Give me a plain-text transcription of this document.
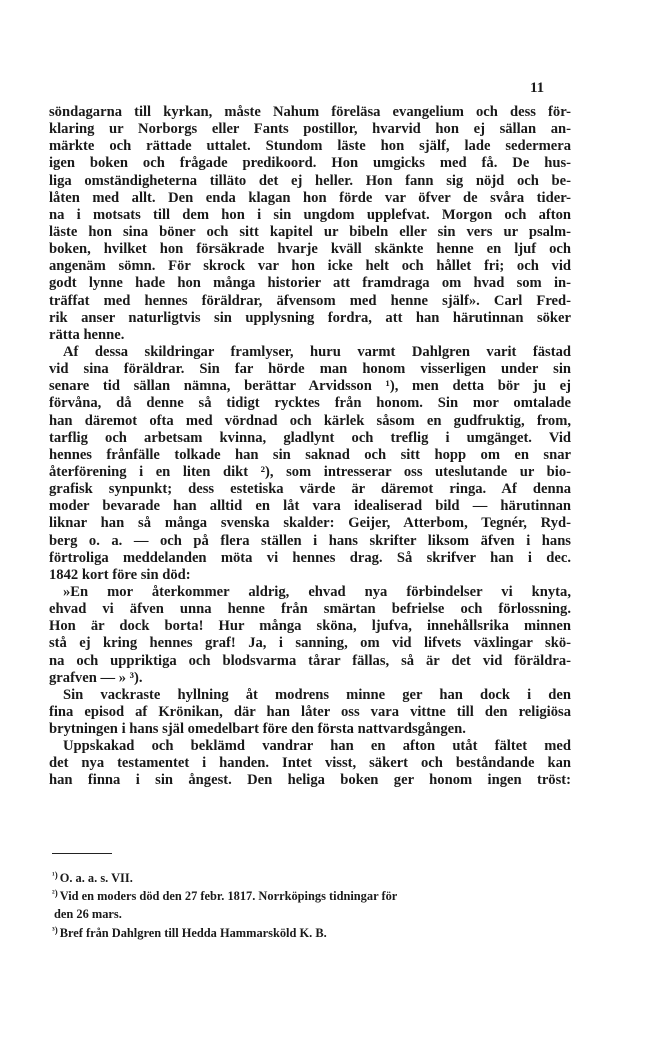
11
söndagarna till kyrkan, måste Nahum föreläsa evangelium och dess för-
klaring ur Norborgs eller Fants postillor, hvarvid hon ej sällan an-
märkte och rättade uttalet. Stundom läste hon själf, lade sedermera
igen boken och frågade predikoord. Hon umgicks med få. De hus-
liga omständigheterna tilläto det ej heller. Hon fann sig nöjd och be-
låten med allt. Den enda klagan hon förde var öfver de svåra tider-
na i motsats till dem hon i sin ungdom upplefvat. Morgon och afton
läste hon sina böner och sitt kapitel ur bibeln eller sin vers ur psalm-
boken, hvilket hon försäkrade hvarje kväll skänkte henne en ljuf och
angenäm sömn. För skrock var hon icke helt och hållet fri; och vid
godt lynne hade hon många historier att framdraga om hvad som in-
träffat med hennes föräldrar, äfvensom med henne själf». Carl Fred-
rik anser naturligtvis sin upplysning fordra, att han härutinnan söker
rätta henne.
Af dessa skildringar framlyser, huru varmt Dahlgren varit fästad
vid sina föräldrar. Sin far hörde man honom visserligen under sin
senare tid sällan nämna, berättar Arvidsson ¹), men detta bör ju ej
förvåna, då denne så tidigt rycktes från honom. Sin mor omtalade
han däremot ofta med vördnad och kärlek såsom en gudfruktig, from,
tarflig och arbetsam kvinna, gladlynt och treflig i umgänget. Vid
hennes frånfälle tolkade han sin saknad och sitt hopp om en snar
återförening i en liten dikt ²), som intresserar oss uteslutande ur bio-
grafisk synpunkt; dess estetiska värde är däremot ringa. Af denna
moder bevarade han alltid en låt vara idealiserad bild — härutinnan
liknar han så många svenska skalder: Geijer, Atterbom, Tegnér, Ryd-
berg o. a. — och på flera ställen i hans skrifter liksom äfven i hans
förtroliga meddelanden möta vi hennes drag. Så skrifver han i dec.
1842 kort före sin död:
»En mor återkommer aldrig, ehvad nya förbindelser vi knyta,
ehvad vi äfven unna henne från smärtan befrielse och förlossning.
Hon är dock borta! Hur många sköna, ljufva, innehållsrika minnen
stå ej kring hennes graf! Ja, i sanning, om vid lifvets växlingar skö-
na och uppriktiga och blodsvarma tårar fällas, så är det vid föräldra-
grafven — » ³).
Sin vackraste hyllning åt modrens minne ger han dock i den
fina episod af Krönikan, där han låter oss vara vittne till den religiösa
brytningen i hans själ omedelbart före den första nattvardsgången.
Uppskakad och beklämd vandrar han en afton utåt fältet med
det nya testamentet i handen. Intet visst, säkert och beståndande kan
han finna i sin ångest. Den heliga boken ger honom ingen tröst:
$^{^1)}$ O. a. a. s. VII.
$^{^2)}$ Vid en moders död den 27 febr. 1817. Norrköpings tidningar för
den 26 mars.
$^{^3)}$ Bref från Dahlgren till Hedda Hammarsköld K. B.
